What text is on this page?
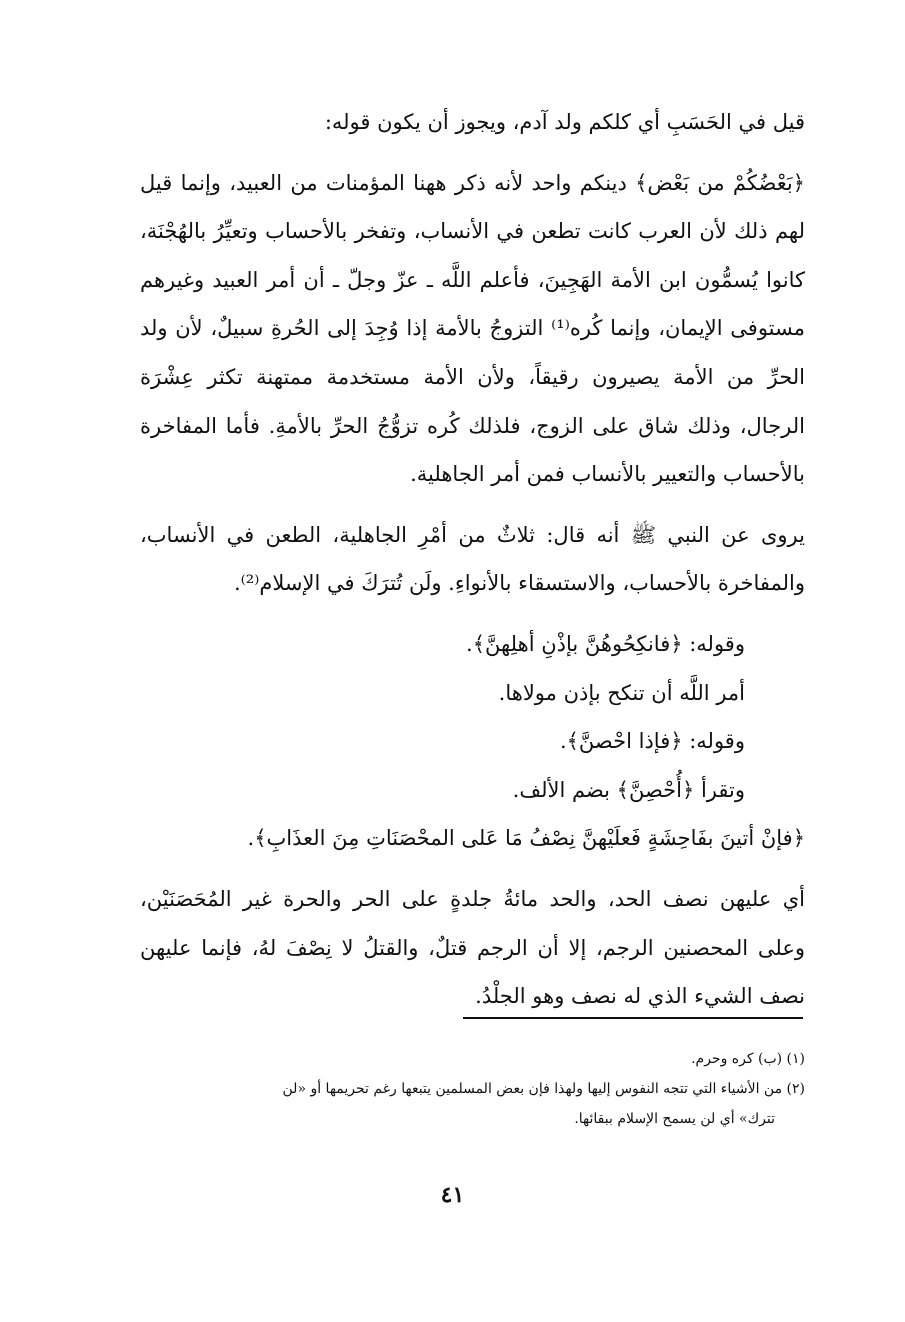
قيل في الحَسَبِ أي كلكم ولد آدم، ويجوز أن يكون قوله:

﴿بَعْضُكُمْ من بَعْض﴾ دينكم واحد لأنه ذكر ههنا المؤمنات من العبيد، وإنما قيل لهم ذلك لأن العرب كانت تطعن في الأنساب، وتفخر بالأحساب وتعيِّرُ بالهُجْنَة، كانوا يُسمُّون ابن الأمة الهَجِينَ، فأعلم اللَّه ـ عزّ وجلّ ـ أن أمر العبيد وغيرهم مستوفى الإيمان، وإنما كُره⁽¹⁾ التزوجُ بالأمة إذا وُجِدَ إلى الحُرةِ سبيلٌ، لأن ولد الحرِّ من الأمة يصيرون رقيقاً، ولأن الأمة مستخدمة ممتهنة تكثر عِشْرَة الرجال، وذلك شاق على الزوج، فلذلك كُره تزوُّجُ الحرِّ بالأمةِ. فأما المفاخرة بالأحساب والتعيير بالأنساب فمن أمر الجاهلية.

يروى عن النبي ﷺ أنه قال: ثلاثٌ من أمْرِ الجاهلية، الطعن في الأنساب، والمفاخرة بالأحساب، والاستسقاء بالأنواءِ. ولَن تُترَكَ في الإسلام⁽²⁾.

وقوله: ﴿فانكِحُوهُنَّ بإذْنِ أهلِهنَّ﴾.

أمر اللَّه أن تنكح بإذن مولاها.

وقوله: ﴿فإذا احْصنَّ﴾.

وتقرأ ﴿أُحْصِنَّ﴾ بضم الألف.

﴿فإنْ أتينَ بفَاحِشَةٍ فَعلَيْهنَّ نِصْفُ مَا عَلى المحْصَنَاتِ مِنَ العذَابِ﴾.

أي عليهن نصف الحد، والحد مائةُ جلدةٍ على الحر والحرة غير المُحَصَنَيْن، وعلى المحصنين الرجم، إلا أن الرجم قتلٌ، والقتلُ لا نِصْفَ لهُ، فإنما عليهن نصف الشيء الذي له نصف وهو الجلْدُ.

(١) (ب) كره وحرم.

(٢) من الأشياء التي تتجه النفوس إليها ولهذا فإن بعض المسلمين يتبعها رغم تحريمها أو «لن

تترك» أي لن يسمح الإسلام ببقائها.

٤١
